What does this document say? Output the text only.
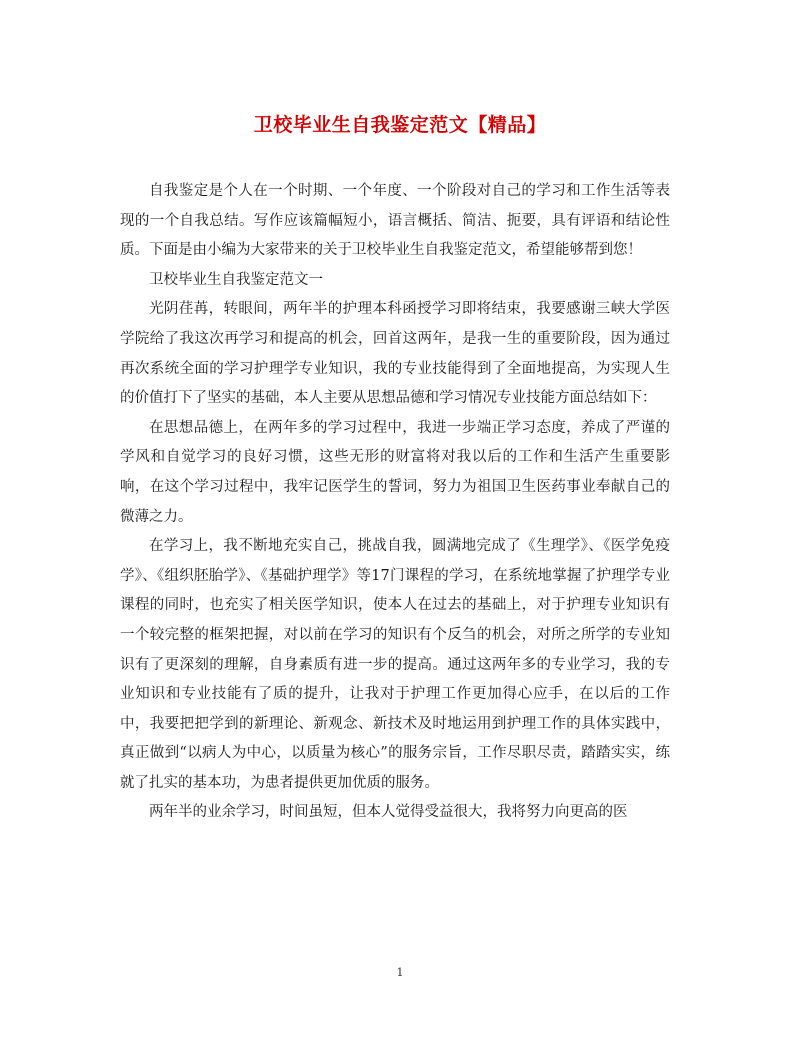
卫校毕业生自我鉴定范文【精品】

自我鉴定是个人在一个时期、一个年度、一个阶段对自己的学习和工作生活等表现的一个自我总结。写作应该篇幅短小，语言概括、简洁、扼要，具有评语和结论性质。下面是由小编为大家带来的关于卫校毕业生自我鉴定范文，希望能够帮到您！

卫校毕业生自我鉴定范文一

光阴荏苒，转眼间，两年半的护理本科函授学习即将结束，我要感谢三峡大学医学院给了我这次再学习和提高的机会，回首这两年，是我一生的重要阶段，因为通过再次系统全面的学习护理学专业知识，我的专业技能得到了全面地提高，为实现人生的价值打下了坚实的基础，本人主要从思想品德和学习情况专业技能方面总结如下：

在思想品德上，在两年多的学习过程中，我进一步端正学习态度，养成了严谨的学风和自觉学习的良好习惯，这些无形的财富将对我以后的工作和生活产生重要影响，在这个学习过程中，我牢记医学生的誓词，努力为祖国卫生医药事业奉献自己的微薄之力。

在学习上，我不断地充实自己，挑战自我，圆满地完成了《生理学》、《医学免疫学》、《组织胚胎学》、《基础护理学》等17门课程的学习，在系统地掌握了护理学专业课程的同时，也充实了相关医学知识，使本人在过去的基础上，对于护理专业知识有一个较完整的框架把握，对以前在学习的知识有个反刍的机会，对所之所学的专业知识有了更深刻的理解，自身素质有进一步的提高。通过这两年多的专业学习，我的专业知识和专业技能有了质的提升，让我对于护理工作更加得心应手，在以后的工作中，我要把把学到的新理论、新观念、新技术及时地运用到护理工作的具体实践中，真正做到“以病人为中心，以质量为核心”的服务宗旨，工作尽职尽责，踏踏实实，练就了扎实的基本功，为患者提供更加优质的服务。

两年半的业余学习，时间虽短，但本人觉得受益很大，我将努力向更高的医

1
